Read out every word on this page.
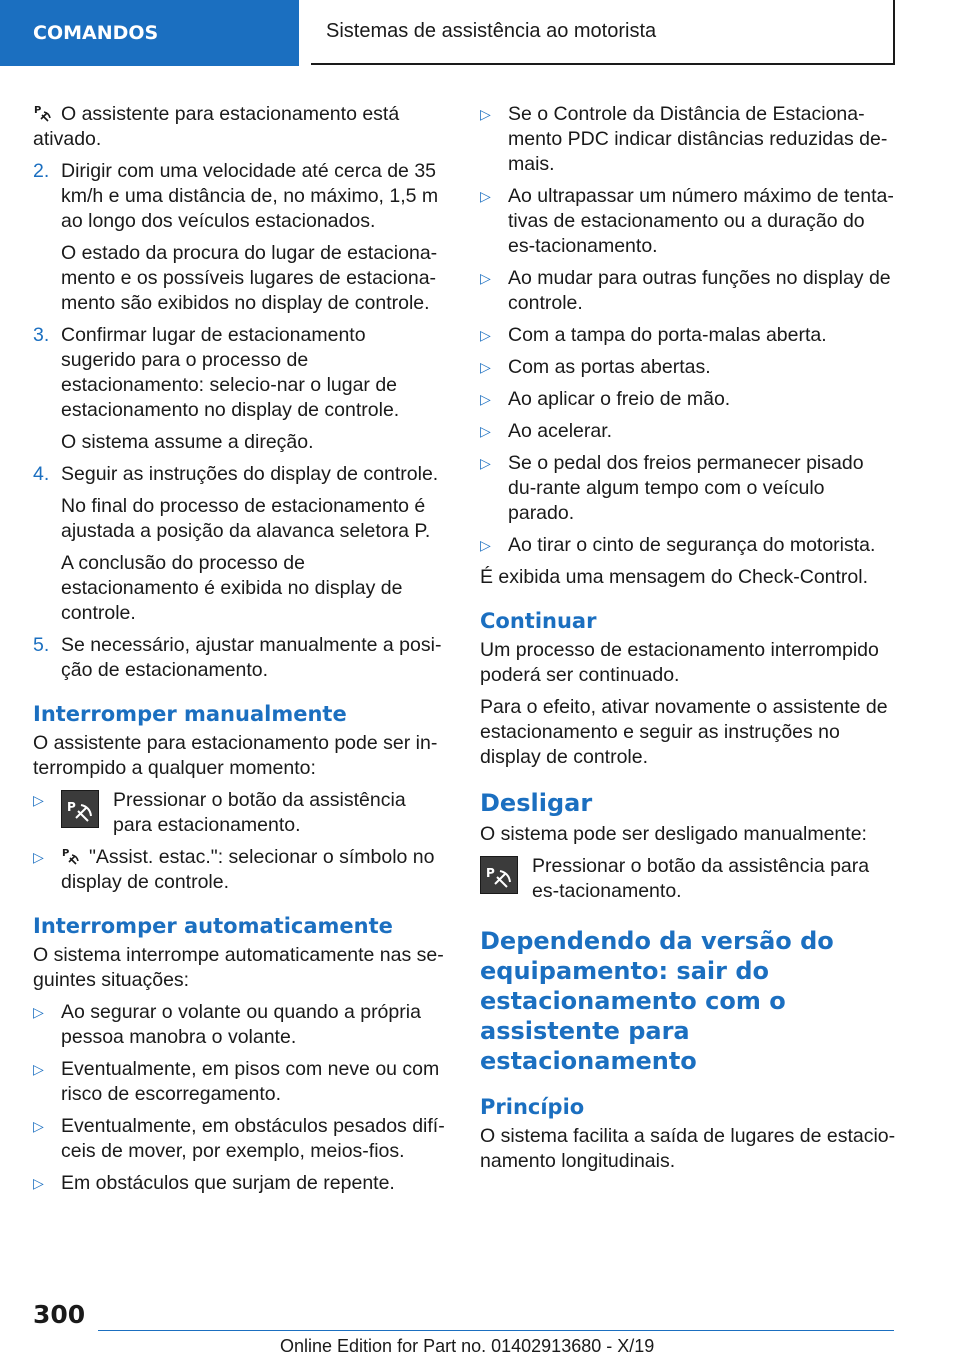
COMANDOS	Sistemas de assistência ao motorista

P O assistente para estacionamento está ativado.

2. Dirigir com uma velocidade até cerca de 35 km/h e uma distância de, no máximo, 1,5 m ao longo dos veículos estacionados.
O estado da procura do lugar de estaciona-mento e os possíveis lugares de estaciona-mento são exibidos no display de controle.
3. Confirmar lugar de estacionamento sugerido para o processo de estacionamento: selecio-nar o lugar de estacionamento no display de controle.
O sistema assume a direção.
4. Seguir as instruções do display de controle.
No final do processo de estacionamento é ajustada a posição da alavanca seletora P.
A conclusão do processo de estacionamento é exibida no display de controle.
5. Se necessário, ajustar manualmente a posi-ção de estacionamento.
Interromper manualmente

O assistente para estacionamento pode ser in-terrompido a qualquer momento:

▷ P Pressionar o botão da assistência para estacionamento.
▷ P "Assist. estac.": selecionar o símbolo no display de controle.
Interromper automaticamente

O sistema interrompe automaticamente nas se-guintes situações:

▷ Ao segurar o volante ou quando a própria pessoa manobra o volante.
▷ Eventualmente, em pisos com neve ou com risco de escorregamento.
▷ Eventualmente, em obstáculos pesados difí-ceis de mover, por exemplo, meios-fios.
▷ Em obstáculos que surjam de repente.
▷ Se o Controle da Distância de Estaciona-mento PDC indicar distâncias reduzidas de-mais.
▷ Ao ultrapassar um número máximo de tenta-tivas de estacionamento ou a duração do es-tacionamento.
▷ Ao mudar para outras funções no display de controle.
▷ Com a tampa do porta-malas aberta.
▷ Com as portas abertas.
▷ Ao aplicar o freio de mão.
▷ Ao acelerar.
▷ Se o pedal dos freios permanecer pisado du-rante algum tempo com o veículo parado.
▷ Ao tirar o cinto de segurança do motorista.

É exibida uma mensagem do Check-Control.

Continuar

Um processo de estacionamento interrompido poderá ser continuado.

Para o efeito, ativar novamente o assistente de estacionamento e seguir as instruções no display de controle.

Desligar

O sistema pode ser desligado manualmente:

P Pressionar o botão da assistência para es-tacionamento.
Dependendo da versão do equipamento: sair do estacionamento com o assistente para estacionamento
Princípio

O sistema facilita a saída de lugares de estacio-namento longitudinais.

300
Online Edition for Part no. 01402913680 - X/19
